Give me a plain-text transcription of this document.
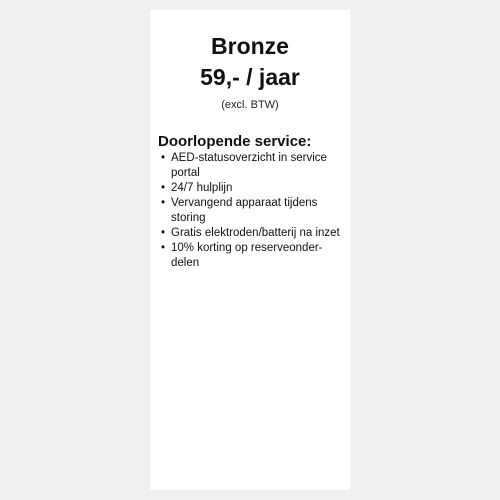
Bronze
59,- / jaar
(excl. BTW)
Doorlopende service:
• AED-statusoverzicht in service
portal
• 24/7 hulplijn
• Vervangend apparaat tijdens
storing
• Gratis elektroden/batterij na inzet
• 10% korting op reserveonder-
delen
